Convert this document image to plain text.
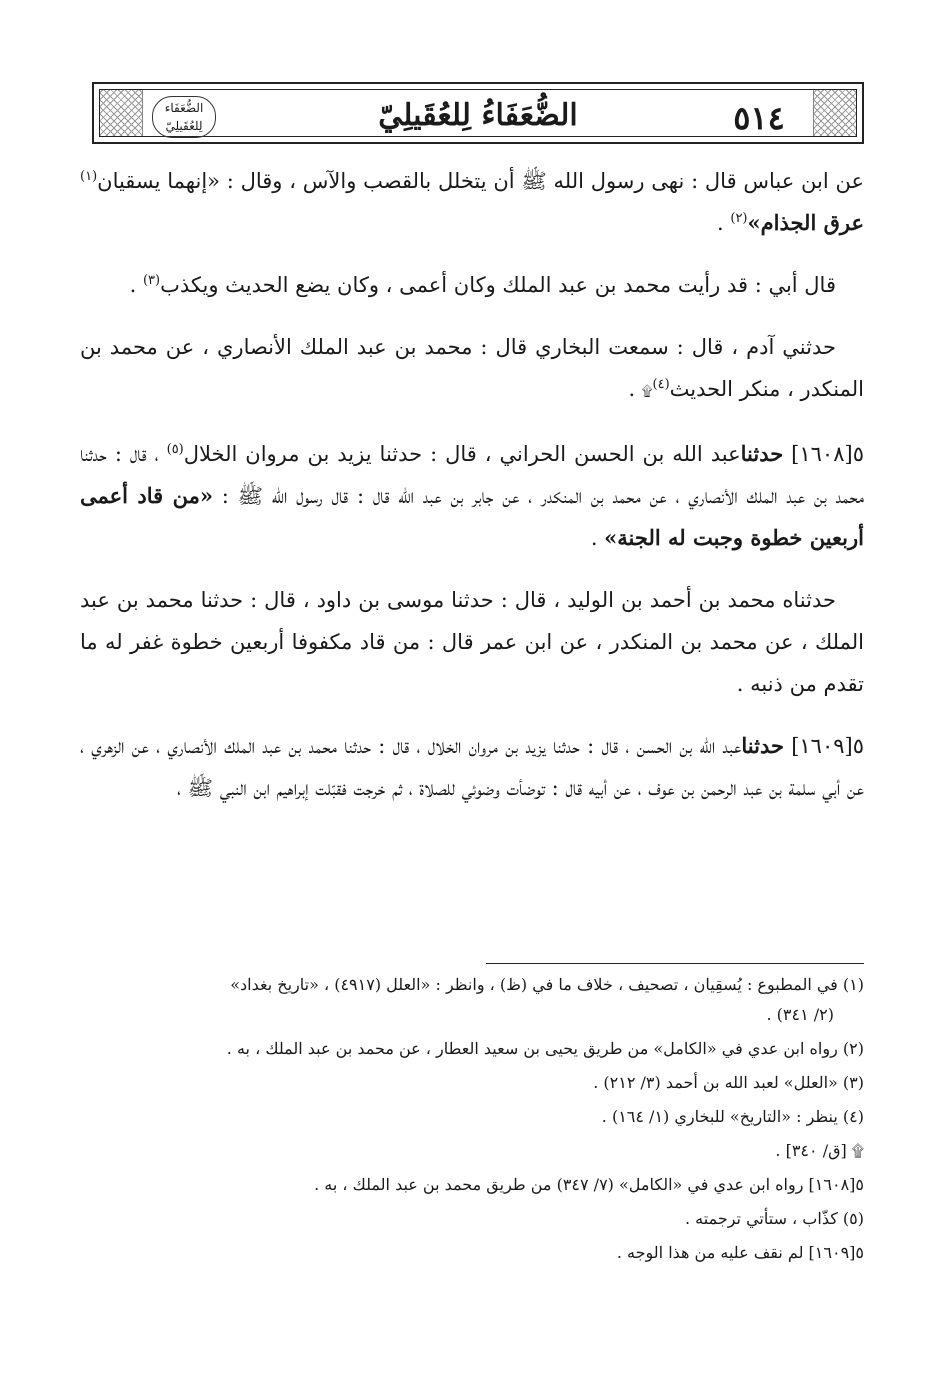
٥١٤
الضُّعَفَاءُ لِلعُقَيلِيّ
الضُّعَفَاء
لِلعُقَيلِيّ

عن ابن عباس قال : نهى رسول الله ﷺ أن يتخلل بالقصب والآس ، وقال : «إنهما يسقيان$^{(١)}$ عرق الجذام»$^{(٢)}$ .

قال أبي : قد رأيت محمد بن عبد الملك وكان أعمى ، وكان يضع الحديث ويكذب$^{(٣)}$ .

حدثني آدم ، قال : سمعت البخاري قال : محمد بن عبد الملك الأنصاري ، عن محمد بن المنكدر ، منكر الحديث$^{(٤)}$۩ .

٥[١٦٠٨] حدثناعبد الله بن الحسن الحراني ، قال : حدثنا يزيد بن مروان الخلال$^{(٥)}$ ، قال : حدثنا محمد بن عبد الملك الأنصاري ، عن محمد بن المنكدر ، عن جابر بن عبد الله قال : قال رسول الله ﷺ : «من قاد أعمى أربعين خطوة وجبت له الجنة» .

حدثناه محمد بن أحمد بن الوليد ، قال : حدثنا موسى بن داود ، قال : حدثنا محمد بن عبد الملك ، عن محمد بن المنكدر ، عن ابن عمر قال : من قاد مكفوفا أربعين خطوة غفر له ما تقدم من ذنبه .

٥[١٦٠٩] حدثناعبد الله بن الحسن ، قال : حدثنا يزيد بن مروان الخلال ، قال : حدثنا محمد بن عبد الملك الأنصاري ، عن الزهري ، عن أبي سلمة بن عبد الرحمن بن عوف ، عن أبيه قال : توضأت وضوئي للصلاة ، ثم خرجت فقبّلت إبراهيم ابن النبي ﷺ ،

(١) في المطبوع : يُسقِيان ، تصحيف ، خلاف ما في (ظ) ، وانظر : «العلل (٤٩١٧) ، «تاريخ بغداد»
(٢/ ٣٤١) .

(٢) رواه ابن عدي في «الكامل» من طريق يحيى بن سعيد العطار ، عن محمد بن عبد الملك ، به .

(٣) «العلل» لعبد الله بن أحمد (٣/ ٢١٢) .

(٤) ينظر : «التاريخ» للبخاري (١/ ١٦٤) .

۩ [ق/ ٣٤٠] .

٥[١٦٠٨] رواه ابن عدي في «الكامل» (٧/ ٣٤٧) من طريق محمد بن عبد الملك ، به .

(٥) كذّاب ، ستأتي ترجمته .

٥[١٦٠٩] لم نقف عليه من هذا الوجه .
